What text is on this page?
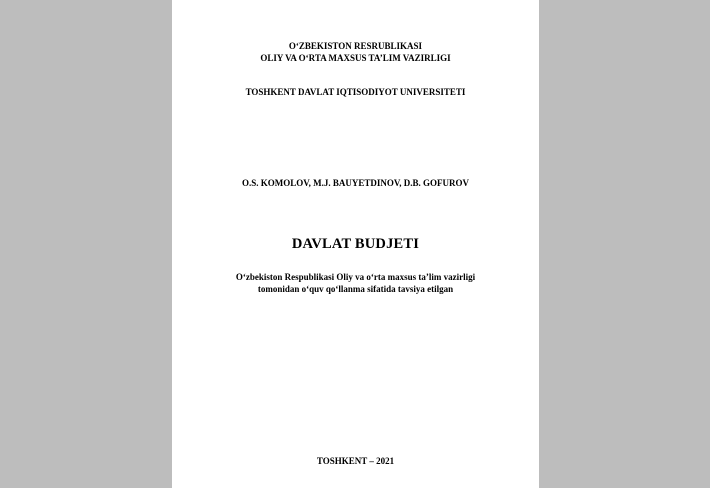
O‘ZBEKISTON RESRUBLIKASI
OLIY VA O‘RTA MAXSUS TA’LIM VAZIRLIGI
TOSHKENT DAVLAT IQTISODIYOT UNIVERSITETI
O.S. KOMOLOV, M.J. BAUYETDINOV, D.B. GOFUROV
DAVLAT BUDJETI
O‘zbekiston Respublikasi Oliy va o‘rta maxsus ta’lim vazirligi
tomonidan o‘quv qo‘llanma sifatida tavsiya etilgan
TOSHKENT – 2021
